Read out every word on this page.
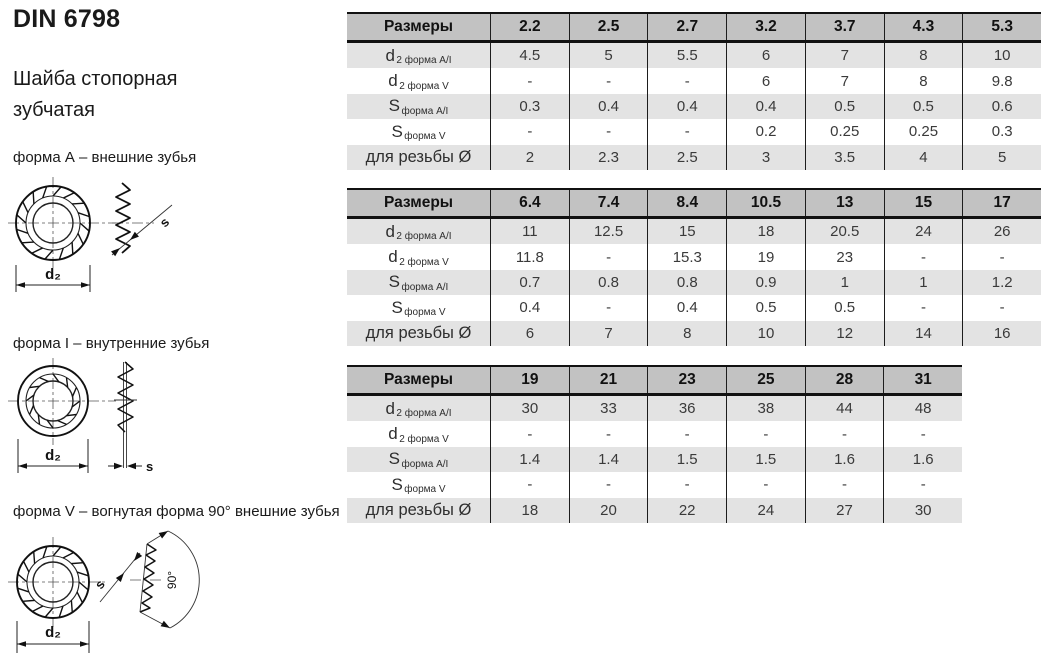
DIN 6798
Шайба стопорная
зубчатая
форма А – внешние зубья
форма I – внутренние зубья
форма V – вогнутая форма 90° внешние зубья
d₂
s
d₂
s
d₂
90°
s
Размеры	2.2	2.5	2.7	3.2	3.7	4.3	5.3
d 2 форма А/I	4.5	5	5.5	6	7	8	10
d 2 форма V	-	-	-	6	7	8	9.8
S форма А/I	0.3	0.4	0.4	0.4	0.5	0.5	0.6
S форма V	-	-	-	0.2	0.25	0.25	0.3
для резьбы Ø	2	2.3	2.5	3	3.5	4	5
Размеры	6.4	7.4	8.4	10.5	13	15	17
d 2 форма А/I	11	12.5	15	18	20.5	24	26
d 2 форма V	11.8	-	15.3	19	23	-	-
S форма А/I	0.7	0.8	0.8	0.9	1	1	1.2
S форма V	0.4	-	0.4	0.5	0.5	-	-
для резьбы Ø	6	7	8	10	12	14	16
Размеры	19	21	23	25	28	31
d 2 форма А/I	30	33	36	38	44	48
d 2 форма V	-	-	-	-	-	-
S форма А/I	1.4	1.4	1.5	1.5	1.6	1.6
S форма V	-	-	-	-	-	-
для резьбы Ø	18	20	22	24	27	30
